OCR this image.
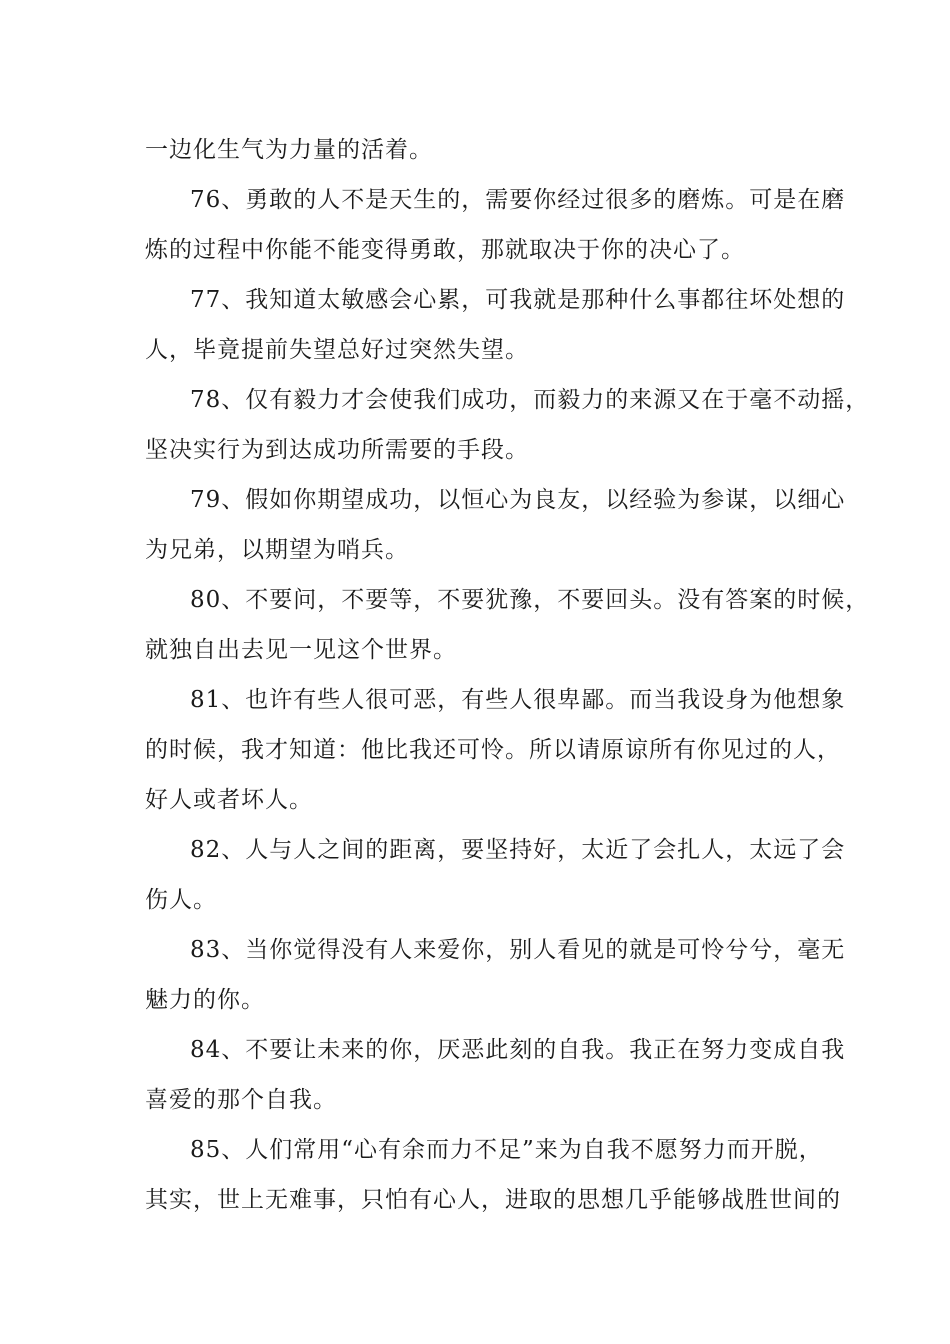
一边化生气为力量的活着。
76、勇敢的人不是天生的，需要你经过很多的磨炼。可是在磨
炼的过程中你能不能变得勇敢，那就取决于你的决心了。
77、我知道太敏感会心累，可我就是那种什么事都往坏处想的
人，毕竟提前失望总好过突然失望。
78、仅有毅力才会使我们成功，而毅力的来源又在于毫不动摇，
坚决实行为到达成功所需要的手段。
79、假如你期望成功，以恒心为良友，以经验为参谋，以细心
为兄弟，以期望为哨兵。
80、不要问，不要等，不要犹豫，不要回头。没有答案的时候，
就独自出去见一见这个世界。
81、也许有些人很可恶，有些人很卑鄙。而当我设身为他想象
的时候，我才知道：他比我还可怜。所以请原谅所有你见过的人，
好人或者坏人。
82、人与人之间的距离，要坚持好，太近了会扎人，太远了会
伤人。
83、当你觉得没有人来爱你，别人看见的就是可怜兮兮，毫无
魅力的你。
84、不要让未来的你，厌恶此刻的自我。我正在努力变成自我
喜爱的那个自我。
85、人们常用“心有余而力不足”来为自我不愿努力而开脱，
其实，世上无难事，只怕有心人，进取的思想几乎能够战胜世间的
